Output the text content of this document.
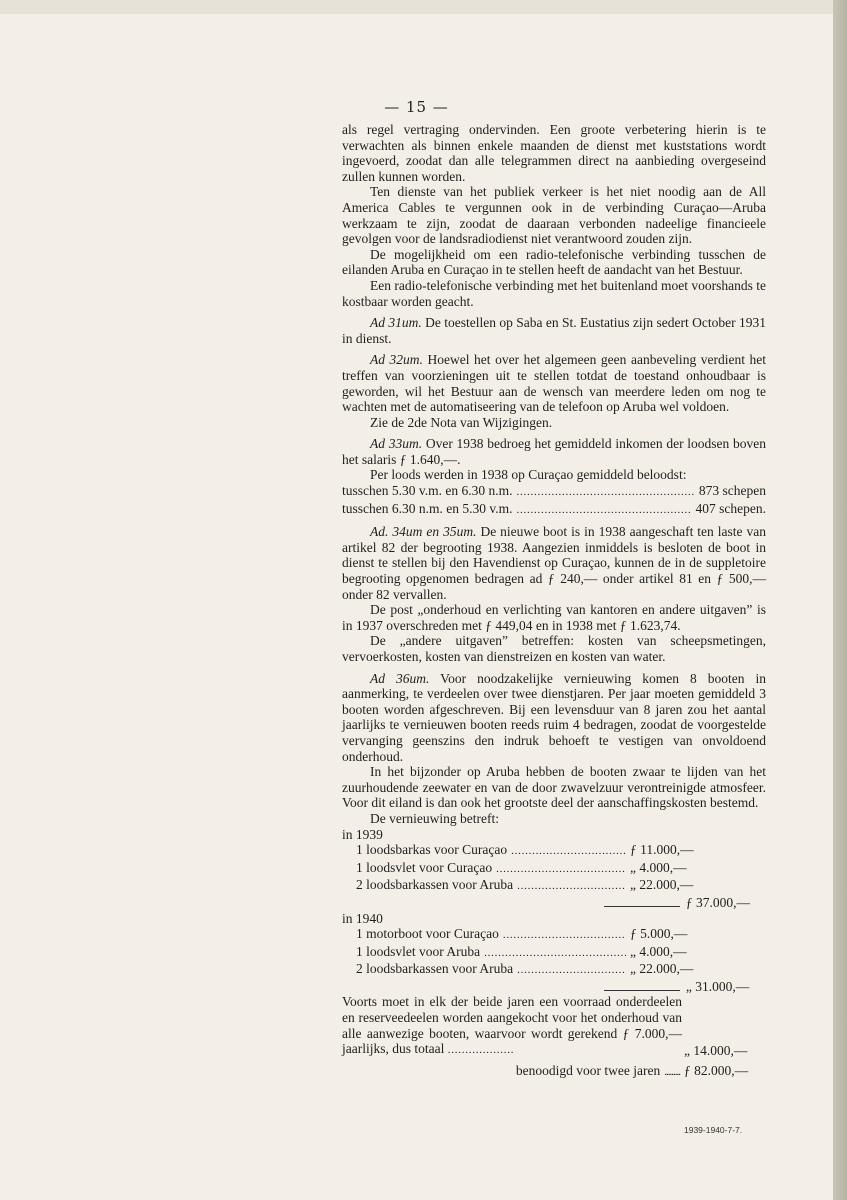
— 15 —

als regel vertraging ondervinden. Een groote verbetering hierin is te verwachten als binnen enkele maanden de dienst met kuststations wordt ingevoerd, zoodat dan alle telegrammen direct na aanbieding overgeseind zullen kunnen worden.

Ten dienste van het publiek verkeer is het niet noodig aan de All America Cables te vergunnen ook in de verbinding Curaçao—Aruba werkzaam te zijn, zoodat de daaraan verbonden nadeelige financieele gevolgen voor de landsradiodienst niet verantwoord zouden zijn.

De mogelijkheid om een radio-telefonische verbinding tusschen de eilanden Aruba en Curaçao in te stellen heeft de aandacht van het Bestuur.

Een radio-telefonische verbinding met het buitenland moet voorshands te kostbaar worden geacht.

Ad 31um. De toestellen op Saba en St. Eustatius zijn sedert October 1931 in dienst.

Ad 32um. Hoewel het over het algemeen geen aanbeveling verdient het treffen van voorzieningen uit te stellen totdat de toestand onhoudbaar is geworden, wil het Bestuur aan de wensch van meerdere leden om nog te wachten met de automatiseering van de telefoon op Aruba wel voldoen.

Zie de 2de Nota van Wijzigingen.

Ad 33um. Over 1938 bedroeg het gemiddeld inkomen der loodsen boven het salaris ƒ 1.640,—.

Per loods werden in 1938 op Curaçao gemiddeld beloodst:

tusschen 5.30 v.m. en 6.30 n.m. . . .	873 schepen
tusschen 6.30 n.m. en 5.30 v.m. . . .	407 schepen.

Ad. 34um en 35um. De nieuwe boot is in 1938 aangeschaft ten laste van artikel 82 der begrooting 1938. Aangezien inmiddels is besloten de boot in dienst te stellen bij den Havendienst op Curaçao, kunnen de in de suppletoire begrooting opgenomen bedragen ad ƒ 240,— onder artikel 81 en ƒ 500,— onder 82 vervallen.

De post „onderhoud en verlichting van kantoren en andere uitgaven” is in 1937 overschreden met ƒ 449,04 en in 1938 met ƒ 1.623,74.

De „andere uitgaven” betreffen: kosten van scheepsmetingen, vervoerkosten, kosten van dienstreizen en kosten van water.

Ad 36um. Voor noodzakelijke vernieuwing komen 8 booten in aanmerking, te verdeelen over twee dienstjaren. Per jaar moeten gemiddeld 3 booten worden afgeschreven. Bij een levensduur van 8 jaren zou het aantal jaarlijks te vernieuwen booten reeds ruim 4 bedragen, zoodat de voorgestelde vervanging geenszins den indruk behoeft te vestigen van onvoldoend onderhoud.

In het bijzonder op Aruba hebben de booten zwaar te lijden van het zuurhoudende zeewater en van de door zwavelzuur verontreinigde atmosfeer. Voor dit eiland is dan ook het grootste deel der aanschaffingskosten bestemd.

De vernieuwing betreft:

in 1939
1 loodsbarkas voor Curaçao . . .	ƒ 11.000,—
1 loodsvlet voor Curaçao . . .	„ 4.000,—
2 loodsbarkassen voor Aruba . . .	„ 22.000,—
ƒ 37.000,—
in 1940
1 motorboot voor Curaçao . . .	ƒ 5.000,—
1 loodsvlet voor Aruba . . .	„ 4.000,—
2 loodsbarkassen voor Aruba . . .	„ 22.000,—
„ 31.000,—
Voorts moet in elk der beide jaren een voorraad onderdeelen en reserveedeelen worden aangekocht voor het onderhoud van alle aanwezige booten, waarvoor wordt gerekend ƒ 7.000,— jaarlijks, dus totaal . . . . . . . . . . . . . . . . . . .	„ 14.000,—
benoodigd voor twee jaren ......... ƒ 82.000,—
1939-1940-7-7.
